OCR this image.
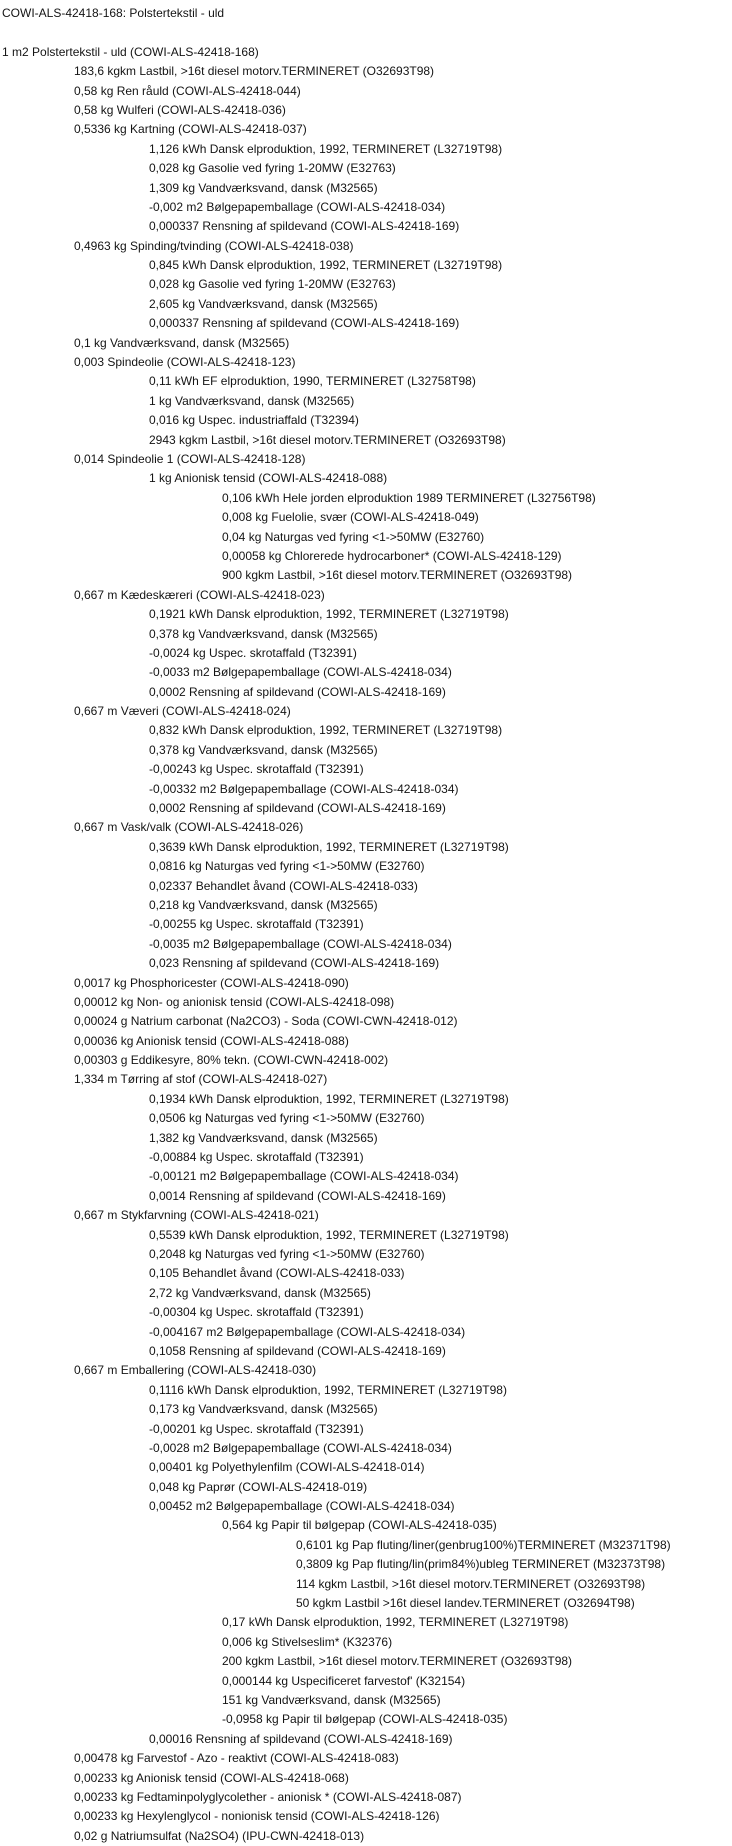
COWI-ALS-42418-168: Polstertekstil - uld
1 m2 Polstertekstil - uld (COWI-ALS-42418-168)
183,6 kgkm Lastbil, >16t diesel motorv.TERMINERET (O32693T98)
0,58 kg Ren råuld (COWI-ALS-42418-044)
0,58 kg Wulferi (COWI-ALS-42418-036)
0,5336 kg Kartning (COWI-ALS-42418-037)
1,126 kWh Dansk elproduktion, 1992, TERMINERET (L32719T98)
0,028 kg Gasolie ved fyring 1-20MW (E32763)
1,309 kg Vandværksvand, dansk (M32565)
-0,002 m2 Bølgepapemballage (COWI-ALS-42418-034)
0,000337 Rensning af spildevand (COWI-ALS-42418-169)
0,4963 kg Spinding/tvinding (COWI-ALS-42418-038)
0,845 kWh Dansk elproduktion, 1992, TERMINERET (L32719T98)
0,028 kg Gasolie ved fyring 1-20MW (E32763)
2,605 kg Vandværksvand, dansk (M32565)
0,000337 Rensning af spildevand (COWI-ALS-42418-169)
0,1 kg Vandværksvand, dansk (M32565)
0,003 Spindeolie (COWI-ALS-42418-123)
0,11 kWh EF elproduktion, 1990, TERMINERET (L32758T98)
1 kg Vandværksvand, dansk (M32565)
0,016 kg Uspec. industriaffald (T32394)
2943 kgkm Lastbil, >16t diesel motorv.TERMINERET (O32693T98)
0,014 Spindeolie 1 (COWI-ALS-42418-128)
1 kg Anionisk tensid (COWI-ALS-42418-088)
0,106 kWh Hele jorden elproduktion 1989 TERMINERET (L32756T98)
0,008 kg Fuelolie, svær (COWI-ALS-42418-049)
0,04 kg Naturgas ved fyring <1->50MW (E32760)
0,00058 kg Chlorerede hydrocarboner* (COWI-ALS-42418-129)
900 kgkm Lastbil, >16t diesel motorv.TERMINERET (O32693T98)
0,667 m Kædeskæreri (COWI-ALS-42418-023)
0,1921 kWh Dansk elproduktion, 1992, TERMINERET (L32719T98)
0,378 kg Vandværksvand, dansk (M32565)
-0,0024 kg Uspec. skrotaffald (T32391)
-0,0033 m2 Bølgepapemballage (COWI-ALS-42418-034)
0,0002 Rensning af spildevand (COWI-ALS-42418-169)
0,667 m Væveri (COWI-ALS-42418-024)
0,832 kWh Dansk elproduktion, 1992, TERMINERET (L32719T98)
0,378 kg Vandværksvand, dansk (M32565)
-0,00243 kg Uspec. skrotaffald (T32391)
-0,00332 m2 Bølgepapemballage (COWI-ALS-42418-034)
0,0002 Rensning af spildevand (COWI-ALS-42418-169)
0,667 m Vask/valk (COWI-ALS-42418-026)
0,3639 kWh Dansk elproduktion, 1992, TERMINERET (L32719T98)
0,0816 kg Naturgas ved fyring <1->50MW (E32760)
0,02337 Behandlet åvand (COWI-ALS-42418-033)
0,218 kg Vandværksvand, dansk (M32565)
-0,00255 kg Uspec. skrotaffald (T32391)
-0,0035 m2 Bølgepapemballage (COWI-ALS-42418-034)
0,023 Rensning af spildevand (COWI-ALS-42418-169)
0,0017 kg Phosphoricester (COWI-ALS-42418-090)
0,00012 kg Non- og anionisk tensid (COWI-ALS-42418-098)
0,00024 g Natrium carbonat (Na2CO3) - Soda (COWI-CWN-42418-012)
0,00036 kg Anionisk tensid (COWI-ALS-42418-088)
0,00303 g Eddikesyre, 80% tekn. (COWI-CWN-42418-002)
1,334 m Tørring af stof (COWI-ALS-42418-027)
0,1934 kWh Dansk elproduktion, 1992, TERMINERET (L32719T98)
0,0506 kg Naturgas ved fyring <1->50MW (E32760)
1,382 kg Vandværksvand, dansk (M32565)
-0,00884 kg Uspec. skrotaffald (T32391)
-0,00121 m2 Bølgepapemballage (COWI-ALS-42418-034)
0,0014 Rensning af spildevand (COWI-ALS-42418-169)
0,667 m Stykfarvning (COWI-ALS-42418-021)
0,5539 kWh Dansk elproduktion, 1992, TERMINERET (L32719T98)
0,2048 kg Naturgas ved fyring <1->50MW (E32760)
0,105 Behandlet åvand (COWI-ALS-42418-033)
2,72 kg Vandværksvand, dansk (M32565)
-0,00304 kg Uspec. skrotaffald (T32391)
-0,004167 m2 Bølgepapemballage (COWI-ALS-42418-034)
0,1058 Rensning af spildevand (COWI-ALS-42418-169)
0,667 m Emballering (COWI-ALS-42418-030)
0,1116 kWh Dansk elproduktion, 1992, TERMINERET (L32719T98)
0,173 kg Vandværksvand, dansk (M32565)
-0,00201 kg Uspec. skrotaffald (T32391)
-0,0028 m2 Bølgepapemballage (COWI-ALS-42418-034)
0,00401 kg Polyethylenfilm (COWI-ALS-42418-014)
0,048 kg Paprør (COWI-ALS-42418-019)
0,00452 m2 Bølgepapemballage (COWI-ALS-42418-034)
0,564 kg Papir til bølgepap (COWI-ALS-42418-035)
0,6101 kg Pap fluting/liner(genbrug100%)TERMINERET (M32371T98)
0,3809 kg Pap fluting/lin(prim84%)ubleg TERMINERET (M32373T98)
114 kgkm Lastbil, >16t diesel motorv.TERMINERET (O32693T98)
50 kgkm Lastbil >16t diesel landev.TERMINERET (O32694T98)
0,17 kWh Dansk elproduktion, 1992, TERMINERET (L32719T98)
0,006 kg Stivelseslim* (K32376)
200 kgkm Lastbil, >16t diesel motorv.TERMINERET (O32693T98)
0,000144 kg Uspecificeret farvestof' (K32154)
151 kg Vandværksvand, dansk (M32565)
-0,0958 kg Papir til bølgepap (COWI-ALS-42418-035)
0,00016 Rensning af spildevand (COWI-ALS-42418-169)
0,00478 kg Farvestof - Azo - reaktivt (COWI-ALS-42418-083)
0,00233 kg Anionisk tensid (COWI-ALS-42418-068)
0,00233 kg Fedtaminpolyglycolether - anionisk * (COWI-ALS-42418-087)
0,00233 kg Hexylenglycol - nonionisk tensid (COWI-ALS-42418-126)
0,02 g Natriumsulfat (Na2SO4) (IPU-CWN-42418-013)
